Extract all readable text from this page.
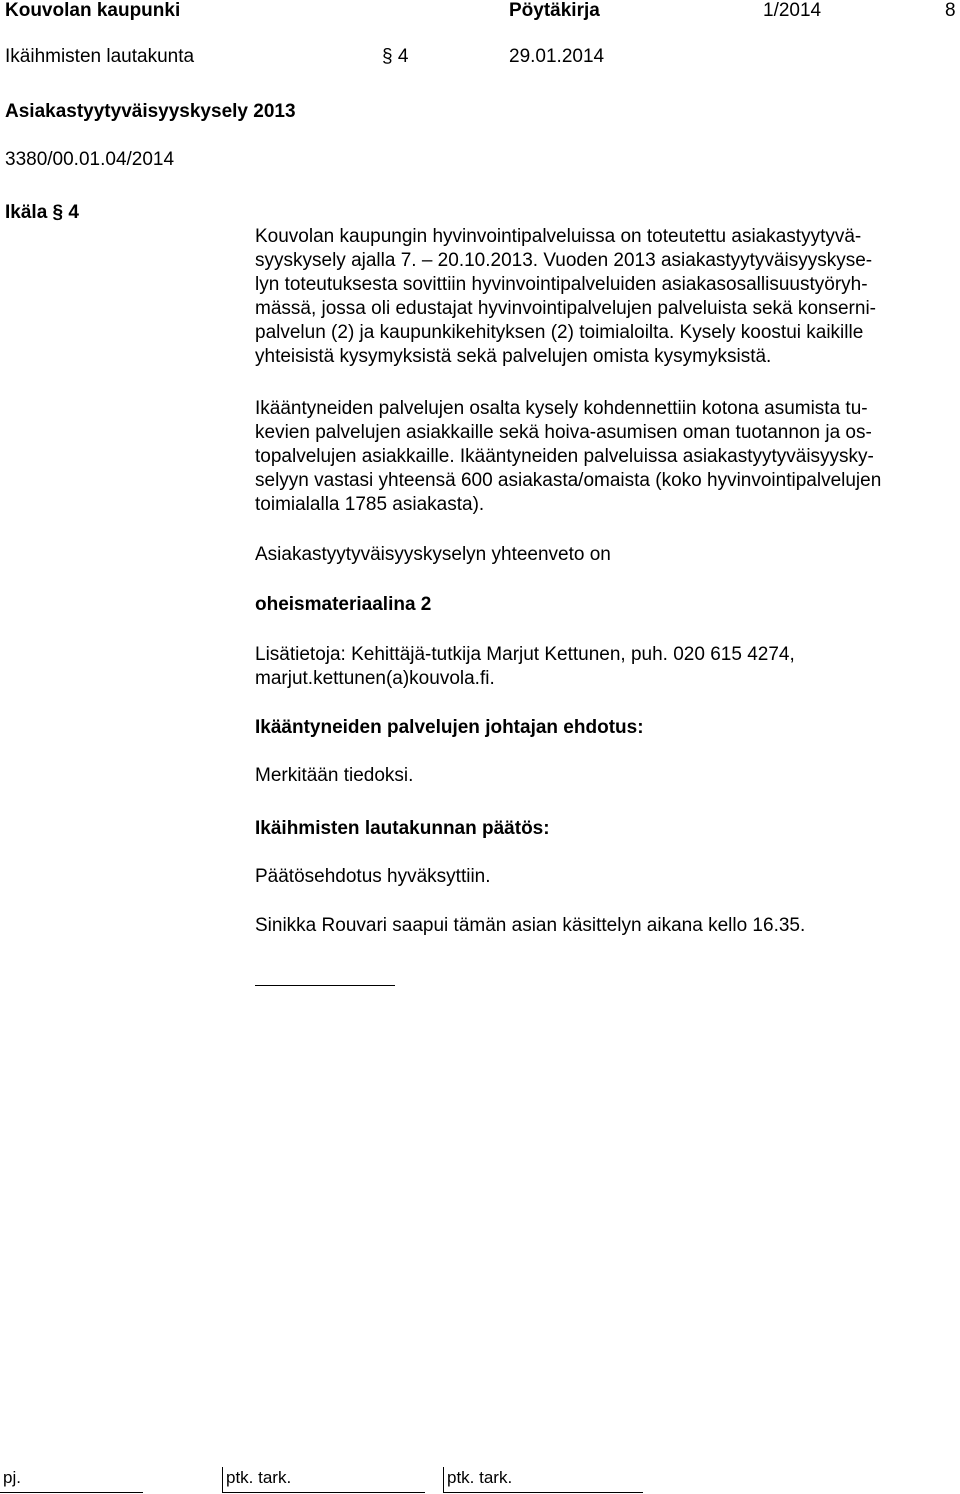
Kouvolan kaupunki	Pöytäkirja	1/2014	8
Ikäihmisten lautakunta	§ 4	29.01.2014
Asiakastyytyväisyyskysely 2013
3380/00.01.04/2014
Ikäla § 4
Kouvolan kaupungin hyvinvointipalveluissa on toteutettu asiakastyytyvä-
syyskysely ajalla 7. – 20.10.2013. Vuoden 2013 asiakastyytyväisyyskyse-
lyn toteutuksesta sovittiin hyvinvointipalveluiden asiakasosallisuustyöryh-
mässä, jossa oli edustajat hyvinvointipalvelujen palveluista sekä konserni-
palvelun (2) ja kaupunkikehityksen (2) toimialoilta. Kysely koostui kaikille
yhteisistä kysymyksistä sekä palvelujen omista kysymyksistä.
Ikääntyneiden palvelujen osalta kysely kohdennettiin kotona asumista tu-
kevien palvelujen asiakkaille sekä hoiva-asumisen oman tuotannon ja os-
topalvelujen asiakkaille. Ikääntyneiden palveluissa asiakastyytyväisyysky-
selyyn vastasi yhteensä 600 asiakasta/omaista (koko hyvinvointipalvelujen
toimialalla 1785 asiakasta).
Asiakastyytyväisyyskyselyn yhteenveto on
oheismateriaalina 2
Lisätietoja: Kehittäjä-tutkija Marjut Kettunen, puh. 020 615 4274,
marjut.kettunen(a)kouvola.fi.
Ikääntyneiden palvelujen johtajan ehdotus:
Merkitään tiedoksi.
Ikäihmisten lautakunnan päätös:
Päätösehdotus hyväksyttiin.
Sinikka Rouvari saapui tämän asian käsittelyn aikana kello 16.35.
pj.	ptk. tark.	ptk. tark.
